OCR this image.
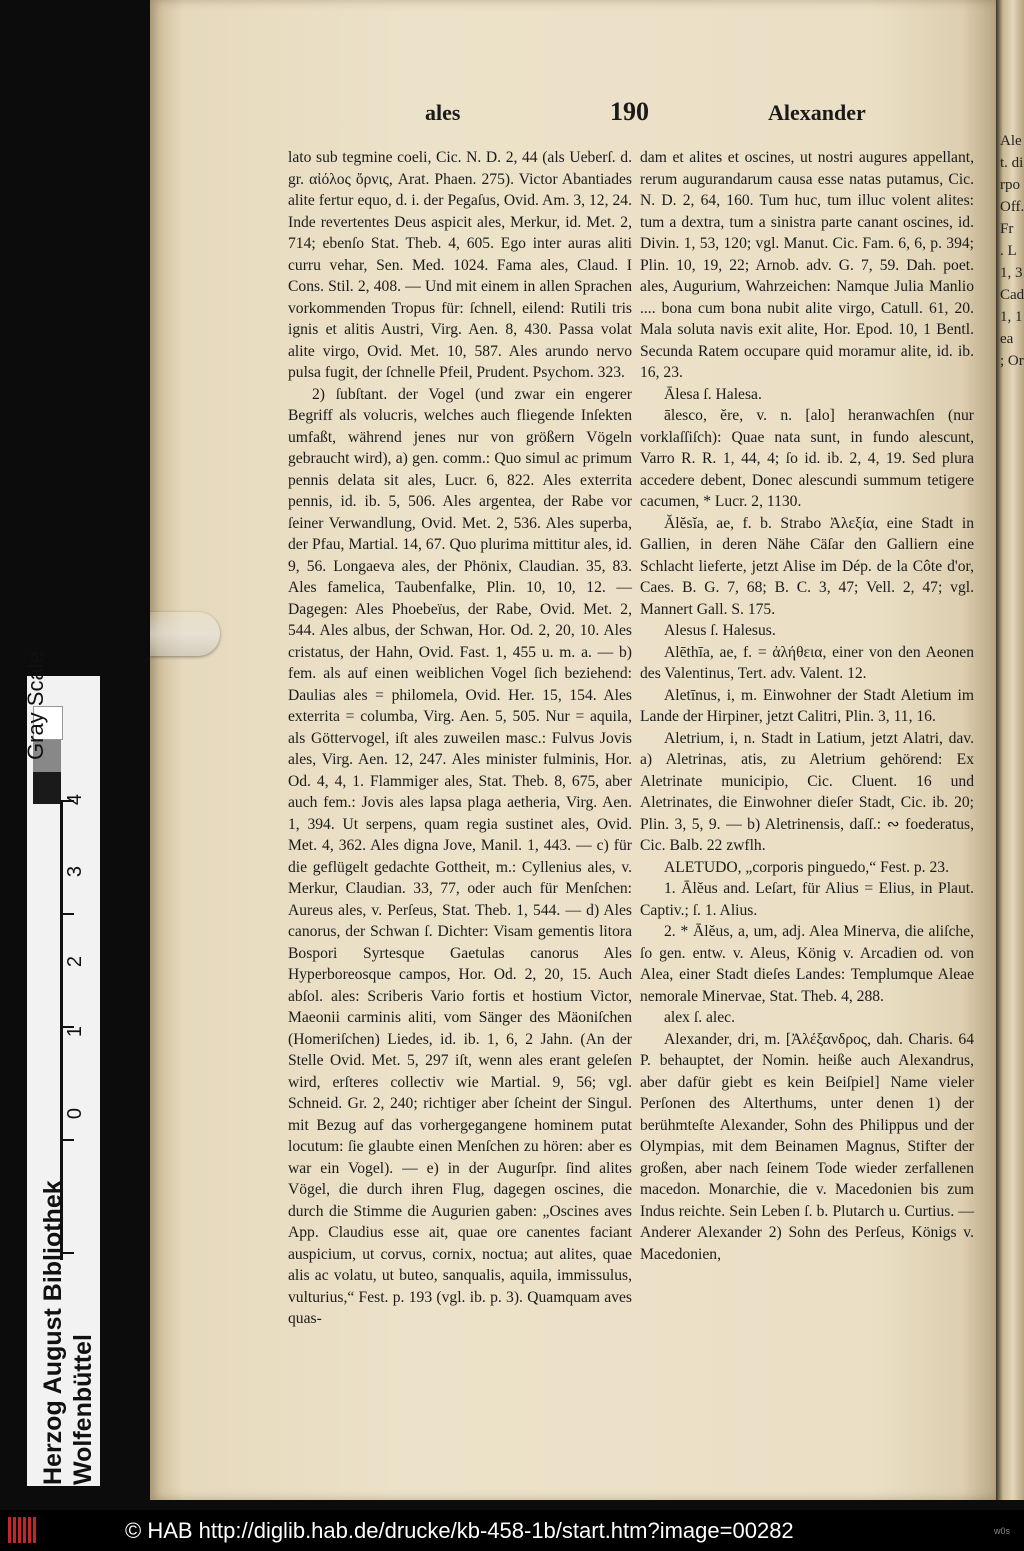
Ale
t. di
rpo
Off.
Fr
. L
1, 3
Cad
1, 1
ea
; Or
ales	190	Alexander

lato sub tegmine coeli, Cic. N. D. 2, 44 (als Ueberſ. d. gr. αἰόλος ὄρνις, Arat. Phaen. 275). Victor Abantiades alite fertur equo, d. i. der Pegaſus, Ovid. Am. 3, 12, 24. Inde revertentes Deus aspicit ales, Merkur, id. Met. 2, 714; ebenſo Stat. Theb. 4, 605. Ego inter auras aliti curru vehar, Sen. Med. 1024. Fama ales, Claud. I Cons. Stil. 2, 408. — Und mit einem in allen Sprachen vorkommenden Tropus für: ſchnell, eilend: Rutili tris ignis et alitis Austri, Virg. Aen. 8, 430. Passa volat alite virgo, Ovid. Met. 10, 587. Ales arundo nervo pulsa fugit, der ſchnelle Pfeil, Prudent. Psychom. 323.

2) ſubſtant. der Vogel (und zwar ein engerer Begriff als volucris, welches auch fliegende Inſekten umfaßt, während jenes nur von größern Vögeln gebraucht wird), a) gen. comm.: Quo simul ac primum pennis delata sit ales, Lucr. 6, 822. Ales exterrita pennis, id. ib. 5, 506. Ales argentea, der Rabe vor ſeiner Verwandlung, Ovid. Met. 2, 536. Ales superba, der Pfau, Martial. 14, 67. Quo plurima mittitur ales, id. 9, 56. Longaeva ales, der Phönix, Claudian. 35, 83. Ales famelica, Taubenfalke, Plin. 10, 10, 12. — Dagegen: Ales Phoebeïus, der Rabe, Ovid. Met. 2, 544. Ales albus, der Schwan, Hor. Od. 2, 20, 10. Ales cristatus, der Hahn, Ovid. Fast. 1, 455 u. m. a. — b) fem. als auf einen weiblichen Vogel ſich beziehend: Daulias ales = philomela, Ovid. Her. 15, 154. Ales exterrita = columba, Virg. Aen. 5, 505. Nur = aquila, als Göttervogel, iſt ales zuweilen masc.: Fulvus Jovis ales, Virg. Aen. 12, 247. Ales minister fulminis, Hor. Od. 4, 4, 1. Flammiger ales, Stat. Theb. 8, 675, aber auch fem.: Jovis ales lapsa plaga aetheria, Virg. Aen. 1, 394. Ut serpens, quam regia sustinet ales, Ovid. Met. 4, 362. Ales digna Jove, Manil. 1, 443. — c) für die geflügelt gedachte Gottheit, m.: Cyllenius ales, v. Merkur, Claudian. 33, 77, oder auch für Menſchen: Aureus ales, v. Perſeus, Stat. Theb. 1, 544. — d) Ales canorus, der Schwan ſ. Dichter: Visam gementis litora Bospori Syrtesque Gaetulas canorus Ales Hyperboreosque campos, Hor. Od. 2, 20, 15. Auch abſol. ales: Scriberis Vario fortis et hostium Victor, Maeonii carminis aliti, vom Sänger des Mäoniſchen (Homeriſchen) Liedes, id. ib. 1, 6, 2 Jahn. (An der Stelle Ovid. Met. 5, 297 iſt, wenn ales erant geleſen wird, erſteres collectiv wie Martial. 9, 56; vgl. Schneid. Gr. 2, 240; richtiger aber ſcheint der Singul. mit Bezug auf das vorhergegangene hominem putat locutum: ſie glaubte einen Menſchen zu hören: aber es war ein Vogel). — e) in der Augurſpr. ſind alites Vögel, die durch ihren Flug, dagegen oscines, die durch die Stimme die Augurien gaben: „Oscines aves App. Claudius esse ait, quae ore canentes faciant auspicium, ut corvus, cornix, noctua; aut alites, quae alis ac volatu, ut buteo, sanqualis, aquila, immissulus, vulturius,“ Fest. p. 193 (vgl. ib. p. 3). Quamquam aves quas-

dam et alites et oscines, ut nostri augures appellant, rerum augurandarum causa esse natas putamus, Cic. N. D. 2, 64, 160. Tum huc, tum illuc volent alites: tum a dextra, tum a sinistra parte canant oscines, id. Divin. 1, 53, 120; vgl. Manut. Cic. Fam. 6, 6, p. 394; Plin. 10, 19, 22; Arnob. adv. G. 7, 59. Dah. poet. ales, Augurium, Wahrzeichen: Namque Julia Manlio .... bona cum bona nubit alite virgo, Catull. 61, 20. Mala soluta navis exit alite, Hor. Epod. 10, 1 Bentl. Secunda Ratem occupare quid moramur alite, id. ib. 16, 23.

Ālesa ſ. Halesa.

ālesco, ĕre, v. n. [alo] heranwachſen (nur vorklaſſiſch): Quae nata sunt, in fundo alescunt, Varro R. R. 1, 44, 4; ſo id. ib. 2, 4, 19. Sed plura accedere debent, Donec alescundi summum tetigere cacumen, * Lucr. 2, 1130.

Ălĕsĭa, ae, f. b. Strabo Ἀλεξία, eine Stadt in Gallien, in deren Nähe Cäſar den Galliern eine Schlacht lieferte, jetzt Alise im Dép. de la Côte d'or, Caes. B. G. 7, 68; B. C. 3, 47; Vell. 2, 47; vgl. Mannert Gall. S. 175.

Alesus ſ. Halesus.

Alēthīa, ae, f. = ἀλήθεια, einer von den Aeonen des Valentinus, Tert. adv. Valent. 12.

Aletīnus, i, m. Einwohner der Stadt Aletium im Lande der Hirpiner, jetzt Calitri, Plin. 3, 11, 16.

Aletrium, i, n. Stadt in Latium, jetzt Alatri, dav. a) Aletrinas, atis, zu Aletrium gehörend: Ex Aletrinate municipio, Cic. Cluent. 16 und Aletrinates, die Einwohner dieſer Stadt, Cic. ib. 20; Plin. 3, 5, 9. — b) Aletrinensis, daſſ.: ∾ foederatus, Cic. Balb. 22 zwflh.

ALETUDO, „corporis pinguedo,“ Fest. p. 23.

1. Ālĕus and. Leſart, für Alius = Elius, in Plaut. Captiv.; ſ. 1. Alius.

2. * Ālĕus, a, um, adj. Alea Minerva, die aliſche, ſo gen. entw. v. Aleus, König v. Arcadien od. von Alea, einer Stadt dieſes Landes: Templumque Aleae nemorale Minervae, Stat. Theb. 4, 288.

alex ſ. alec.

Alexander, dri, m. [Ἀλέξανδρος, dah. Charis. 64 P. behauptet, der Nomin. heiße auch Alexandrus, aber dafür giebt es kein Beiſpiel] Name vieler Perſonen des Alterthums, unter denen 1) der berühmteſte Alexander, Sohn des Philippus und der Olympias, mit dem Beinamen Magnus, Stifter der großen, aber nach ſeinem Tode wieder zerfallenen macedon. Monarchie, die v. Macedonien bis zum Indus reichte. Sein Leben ſ. b. Plutarch u. Curtius. — Anderer Alexander 2) Sohn des Perſeus, Königs v. Macedonien,

Gray Scale
4
3
2
1
0
Herzog August Bibliothek Wolfenbüttel
© HAB http://diglib.hab.de/drucke/kb-458-1b/start.htm?image=00282	w0s
